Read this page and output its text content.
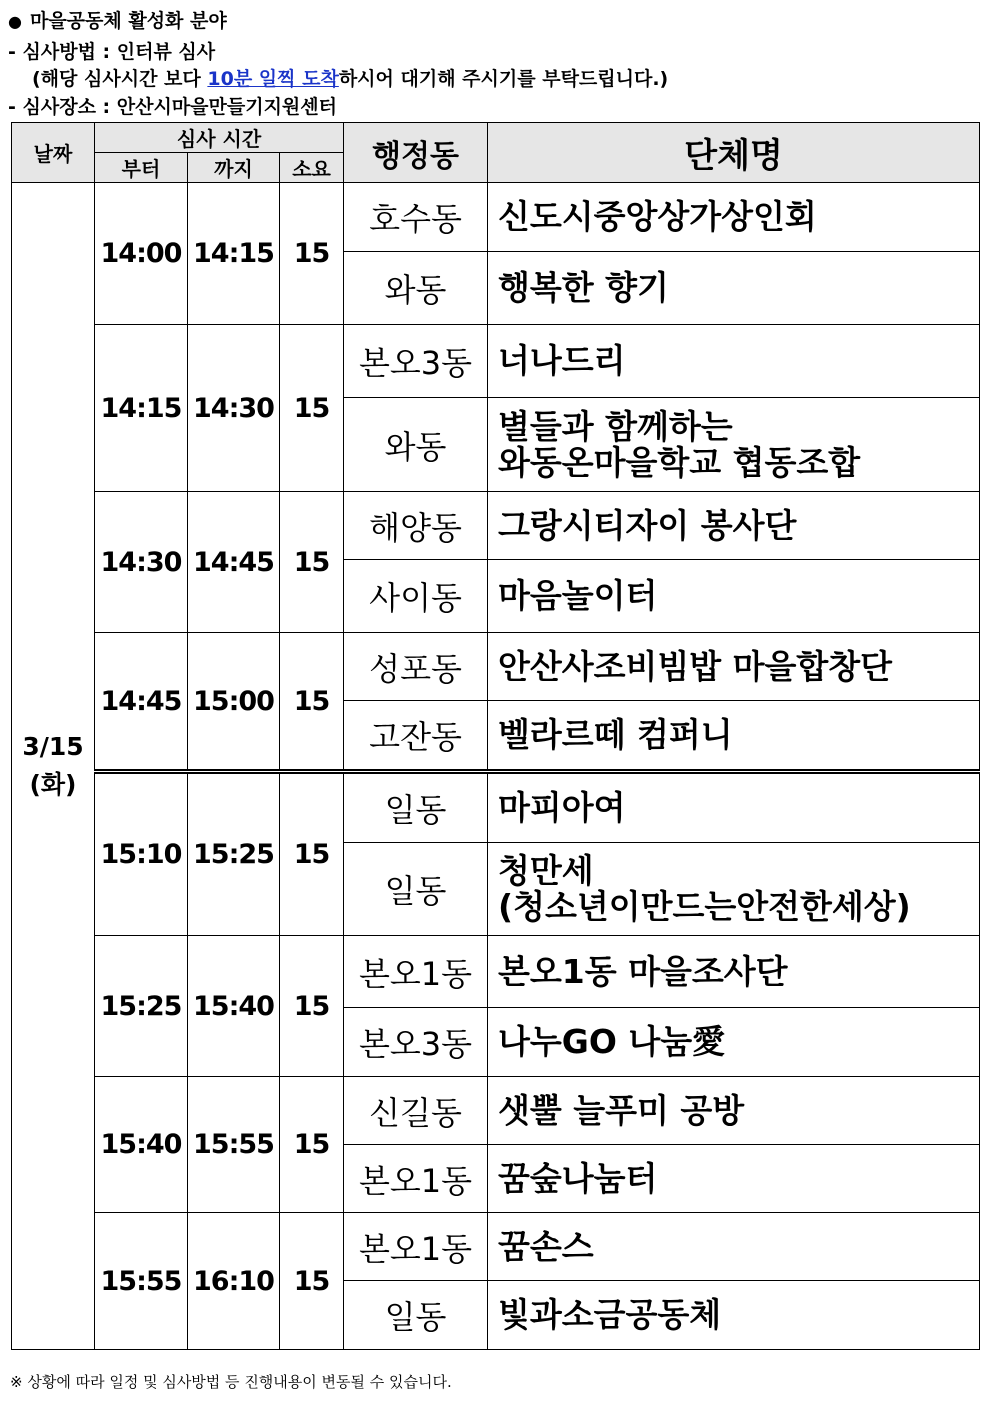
● 마을공동체 활성화 분야
- 심사방법 : 인터뷰 심사
(해당 심사시간 보다 10분 일찍 도착하시어 대기해 주시기를 부탁드립니다.)
- 심사장소 : 안산시마을만들기지원센터
날짜	심사 시간			행정동	단체명
	부터	까지	소요		

3/15
(화)	14:00	14:15	15	호수동	신도시중앙상가상인회
				와동	행복한 향기
	14:15	14:30	15	본오3동	너나드리
				와동	별들과 함께하는
와동온마을학교 협동조합

	14:30	14:45	15	해양동	그랑시티자이 봉사단
				사이동	마음놀이터
	14:45	15:00	15	성포동	안산사조비빔밥 마을합창단
				고잔동	벨라르떼 컴퍼니
	15:10	15:25	15	일동	마피아여
				일동	청만세
(청소년이만드는안전한세상)

	15:25	15:40	15	본오1동	본오1동 마을조사단
				본오3동	나누GO 나눔愛
	15:40	15:55	15	신길동	샛뿔 늘푸미 공방
				본오1동	꿈숲나눔터
	15:55	16:10	15	본오1동	꿈손스
				일동	빛과소금공동체
※ 상황에 따라 일정 및 심사방법 등 진행내용이 변동될 수 있습니다.
